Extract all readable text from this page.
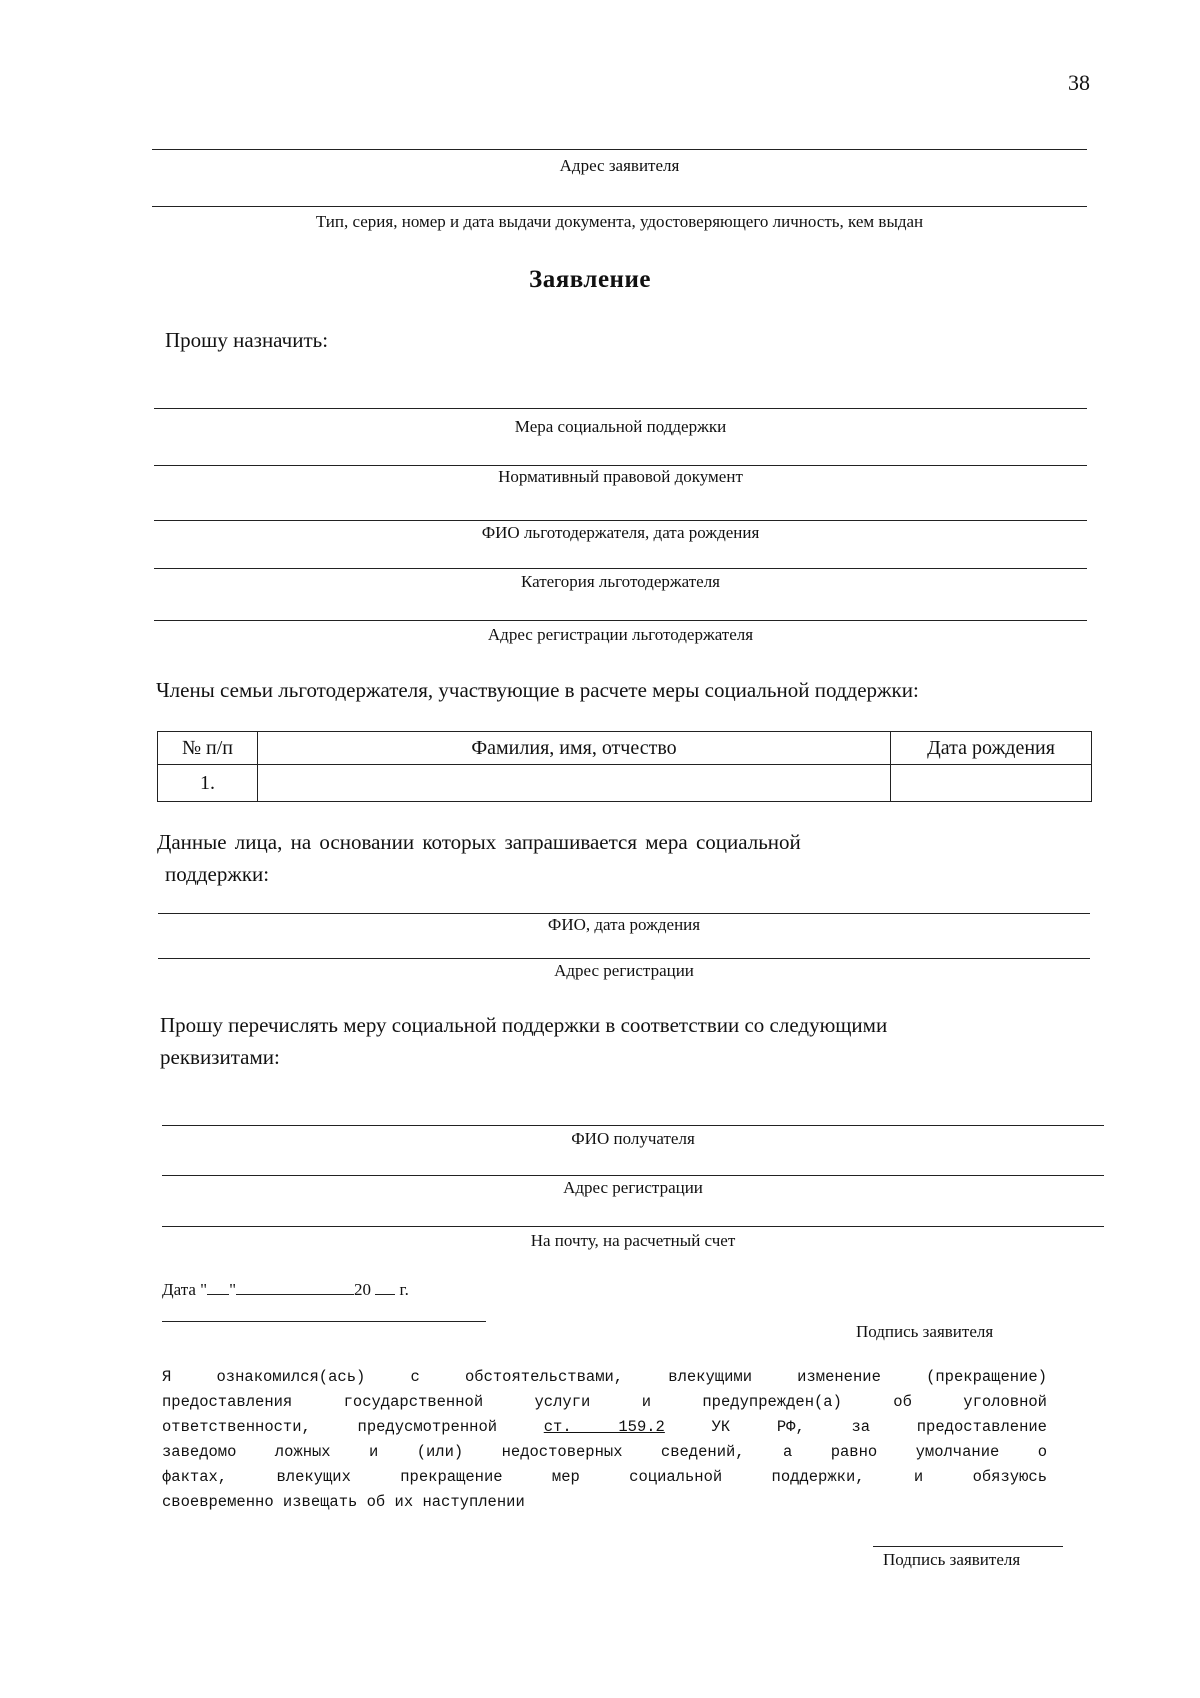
38
Адрес заявителя
Тип, серия, номер и дата выдачи документа, удостоверяющего личность, кем выдан
Заявление
Прошу назначить:
Мера социальной поддержки
Нормативный правовой документ
ФИО льготодержателя, дата рождения
Категория льготодержателя
Адрес регистрации льготодержателя
Члены семьи льготодержателя, участвующие в расчете меры социальной поддержки:
№ п/п	Фамилия, имя, отчество	Дата рождения
1.		
Данные лица, на основании которых запрашивается мера социальной
поддержки:
ФИО, дата рождения
Адрес регистрации
Прошу перечислять меру социальной поддержки в соответствии со следующими
реквизитами:
ФИО получателя
Адрес регистрации
На почту, на расчетный счет
Дата " "	20 г.
Подпись заявителя
Я ознакомился(ась) с обстоятельствами, влекущими изменение (прекращение)
предоставления государственной услуги и предупрежден(а) об уголовной
ответственности, предусмотренной	ст. 159.2	УК РФ, за предоставление
заведомо ложных и (или) недостоверных сведений, а равно умолчание о
фактах, влекущих прекращение мер социальной поддержки, и обязуюсь
своевременно извещать об их наступлении
Подпись заявителя
